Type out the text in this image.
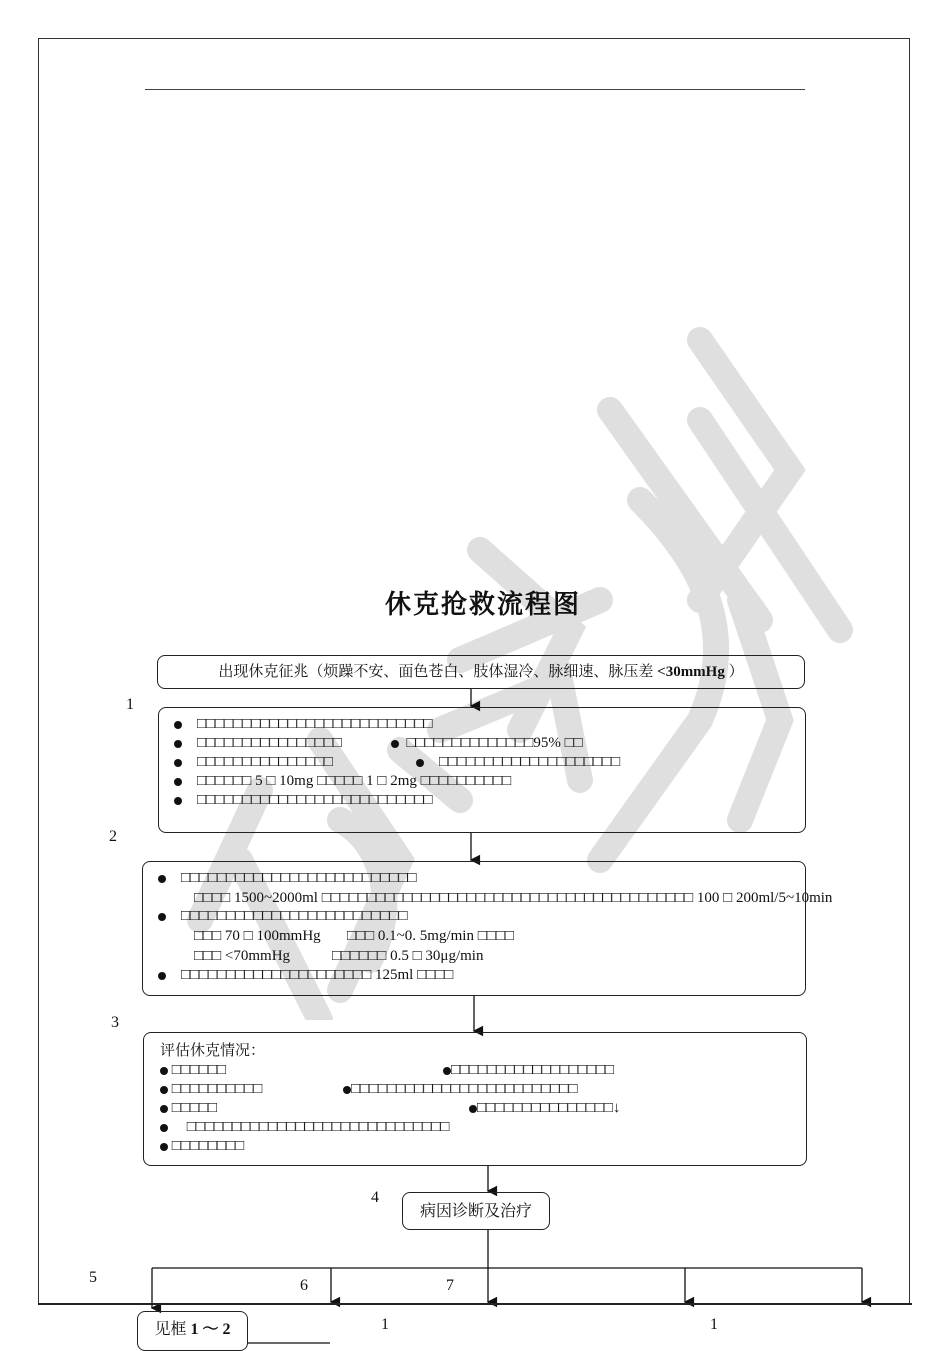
休克抢救流程图
1
2
3
4
5	6	7
1	1
出现休克征兆（烦躁不安、面色苍白、肢体湿冷、脉细速、脉压差 <30mmHg ）
□□□□□□□□□□□□□□□□□□□□□□□□□□
□□□□□□□□□□□□□□□□	□□□□□□□□□□□□□□95% □□
□□□□□□□□□□□□□□□	□□□□□□□□□□□□□□□□□□□□
□□□□□□ 5 □ 10mg □□□□□ 1 □ 2mg □□□□□□□□□□
□□□□□□□□□□□□□□□□□□□□□□□□□□
□□□□□□□□□□□□□□□□□□□□□□□□□□
□□□□ 1500~2000ml □□□□□□□□□□□□□□□□□□□□□□□□□□□□□□□□□□□□□□□□□ 100 □ 200ml/5~10min
□□□□□□□□□□□□□□□□□□□□□□□□□
□□□ 70 □ 100mmHg □□□ 0.1~0. 5mg/min □□□□
□□□ <70mmHg	□□□□□□ 0.5 □ 30μg/min
□□□□□□□□□□□□□□□□□□□□□ 125ml □□□□
评估休克情况：
□□□□□□	□□□□□□□□□□□□□□□□□□
□□□□□□□□□□	□□□□□□□□□□□□□□□□□□□□□□□□□
□□□□□	□□□□□□□□□□□□□□□↓
□□□□□□□□□□□□□□□□□□□□□□□□□□□□□
□□□□□□□□
病因诊断及治疗
见框 1 ～ 2
